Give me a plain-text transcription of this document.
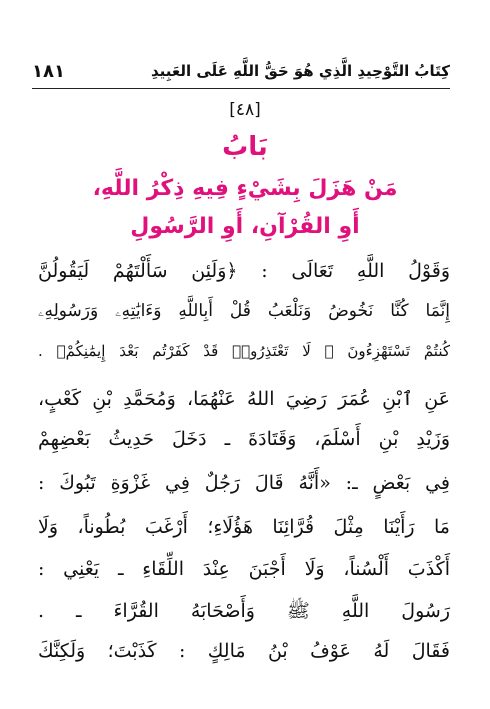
كِتَابُ التَّوْحِيدِ الَّذِي هُوَ حَقُّ اللَّهِ عَلَى العَبِيدِ
١٨١
[٤٨]
بَابُ
مَنْ هَزَلَ بِشَيْءٍ فِيهِ ذِكْرُ اللَّهِ،
أَوِ القُرْآنِ، أَوِ الرَّسُولِ
وَقَوْلُ اللَّهِ تَعَالَى : ﴿وَلَئِن سَأَلْتَهُمْ لَيَقُولُنَّ
إِنَّمَا كُنَّا نَخُوضُ وَنَلْعَبُ قُلْ أَبِاللَّهِ وَءَايَٰتِهِۦ وَرَسُولِهِۦ
كُنتُمْ تَسْتَهْزِءُونَ ۞ لَا تَعْتَذِرُوا۟ قَدْ كَفَرْتُم بَعْدَ إِيمَٰنِكُمْ﴾ .
عَنِ ٱبْنِ عُمَرَ رَضِيَ اللهُ عَنْهُمَا، وَمُحَمَّدِ بْنِ كَعْبٍ،
وَزَيْدِ بْنِ أَسْلَمَ، وَقَتَادَةَ ـ دَخَلَ حَدِيثُ بَعْضِهِمْ
فِي بَعْضٍ ـ: «أَنَّهُ قَالَ رَجُلٌ فِي غَزْوَةِ تَبُوكَ :
مَا رَأَيْنَا مِثْلَ قُرَّائِنَا هَؤُلَاءِ؛ أَرْغَبَ بُطُوناً، وَلَا
أَكْذَبَ أَلْسُناً، وَلَا أَجْبَنَ عِنْدَ اللِّقَاءِ ـ يَعْنِي :
رَسُولَ اللَّهِ ﷺ وَأَصْحَابَهُ القُرَّاءَ ـ .
فَقَالَ لَهُ عَوْفُ بْنُ مَالِكٍ : كَذَبْتَ؛ وَلَكِنَّكَ
